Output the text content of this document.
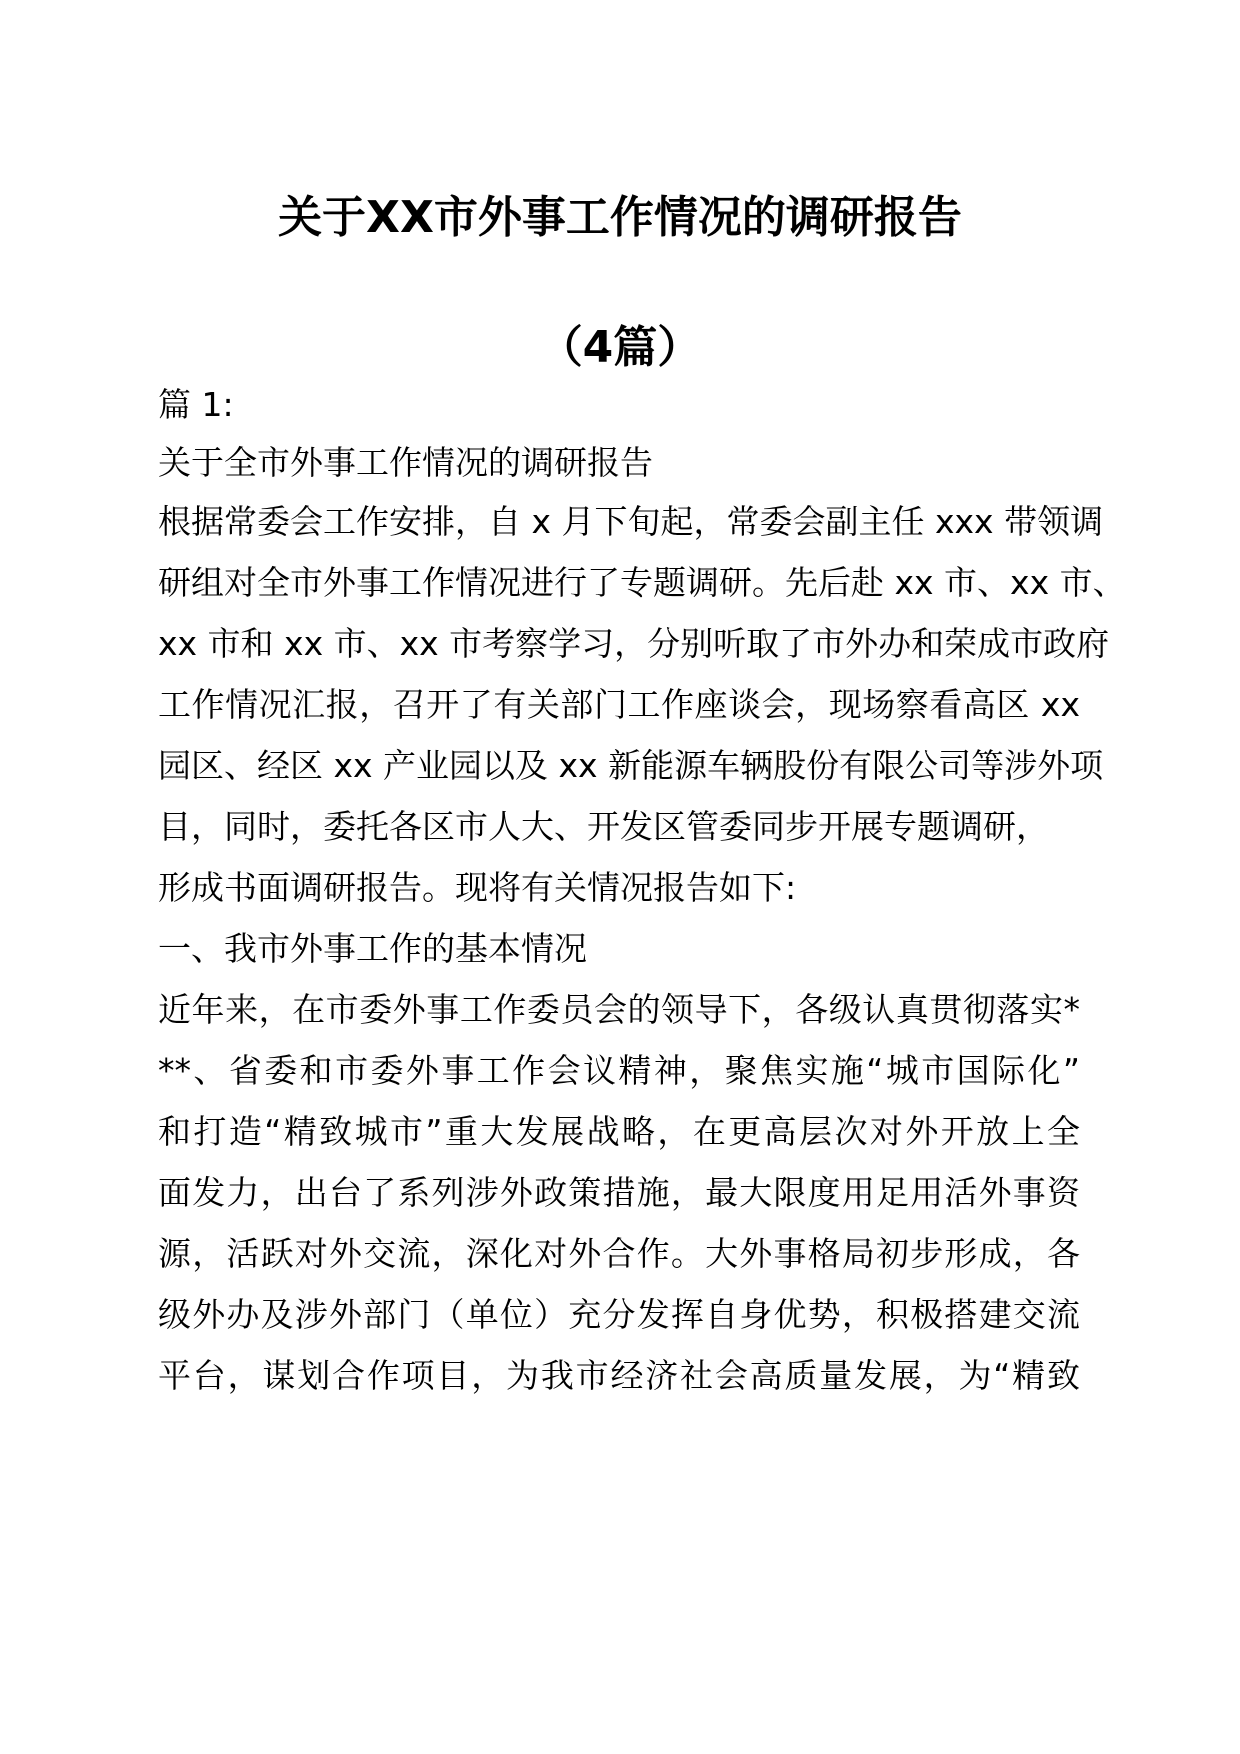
关于XX市外事工作情况的调研报告
（4篇）
篇 1:
关于全市外事工作情况的调研报告
根据常委会工作安排，自 x 月下旬起，常委会副主任 xxx 带领调
研组对全市外事工作情况进行了专题调研。先后赴 xx 市、xx 市、
xx 市和 xx 市、xx 市考察学习，分别听取了市外办和荣成市政府
工作情况汇报，召开了有关部门工作座谈会，现场察看高区 xx
园区、经区 xx 产业园以及 xx 新能源车辆股份有限公司等涉外项
目，同时，委托各区市人大、开发区管委同步开展专题调研，
形成书面调研报告。现将有关情况报告如下:
一、我市外事工作的基本情况
近年来，在市委外事工作委员会的领导下，各级认真贯彻落实*
**、省委和市委外事工作会议精神，聚焦实施“城市国际化”
和打造“精致城市”重大发展战略，在更高层次对外开放上全
面发力，出台了系列涉外政策措施，最大限度用足用活外事资
源，活跃对外交流，深化对外合作。大外事格局初步形成，各
级外办及涉外部门（单位）充分发挥自身优势，积极搭建交流
平台，谋划合作项目，为我市经济社会高质量发展，为“精致
